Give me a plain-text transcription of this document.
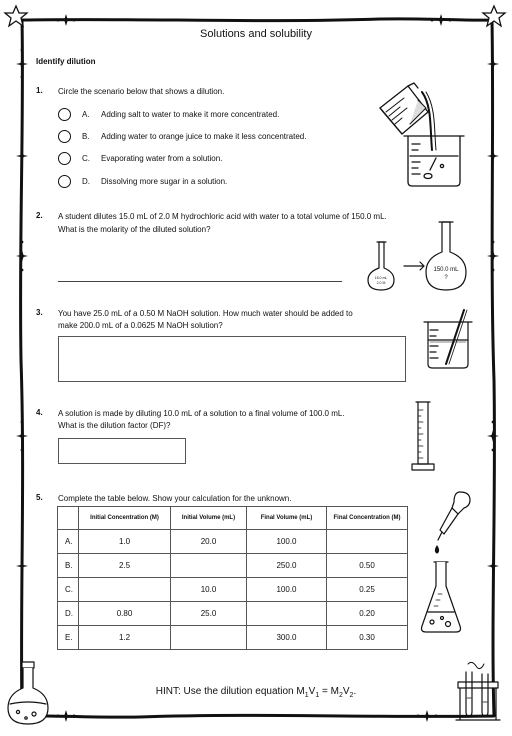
Solutions and solubility
Identify dilution
1. Circle the scenario below that shows a dilution.
A. Adding salt to water to make it more concentrated.
B. Adding water to orange juice to make it less concentrated.
C. Evaporating water from a solution.
D. Dissolving more sugar in a solution.
2. A student dilutes 15.0 mL of 2.0 M hydrochloric acid with water to a total volume of 150.0 mL.
What is the molarity of the diluted solution?
15.0 mL
2.0 M
150.0 mL
?
3. You have 25.0 mL of a 0.50 M NaOH solution. How much water should be added to
make 200.0 mL of a 0.0625 M NaOH solution?
4. A solution is made by diluting 10.0 mL of a solution to a final volume of 100.0 mL.
What is the dilution factor (DF)?
5. Complete the table below. Show your calculation for the unknown.
	Initial Concentration (M)	Initial Volume (mL)	Final Volume (mL)	Final Concentration (M)
A.	1.0	20.0	100.0	
B.	2.5		250.0	0.50
C.		10.0	100.0	0.25
D.	0.80	25.0		0.20
E.	1.2		300.0	0.30
HINT: Use the dilution equation $M_1V_1 = M_2V_2$.
